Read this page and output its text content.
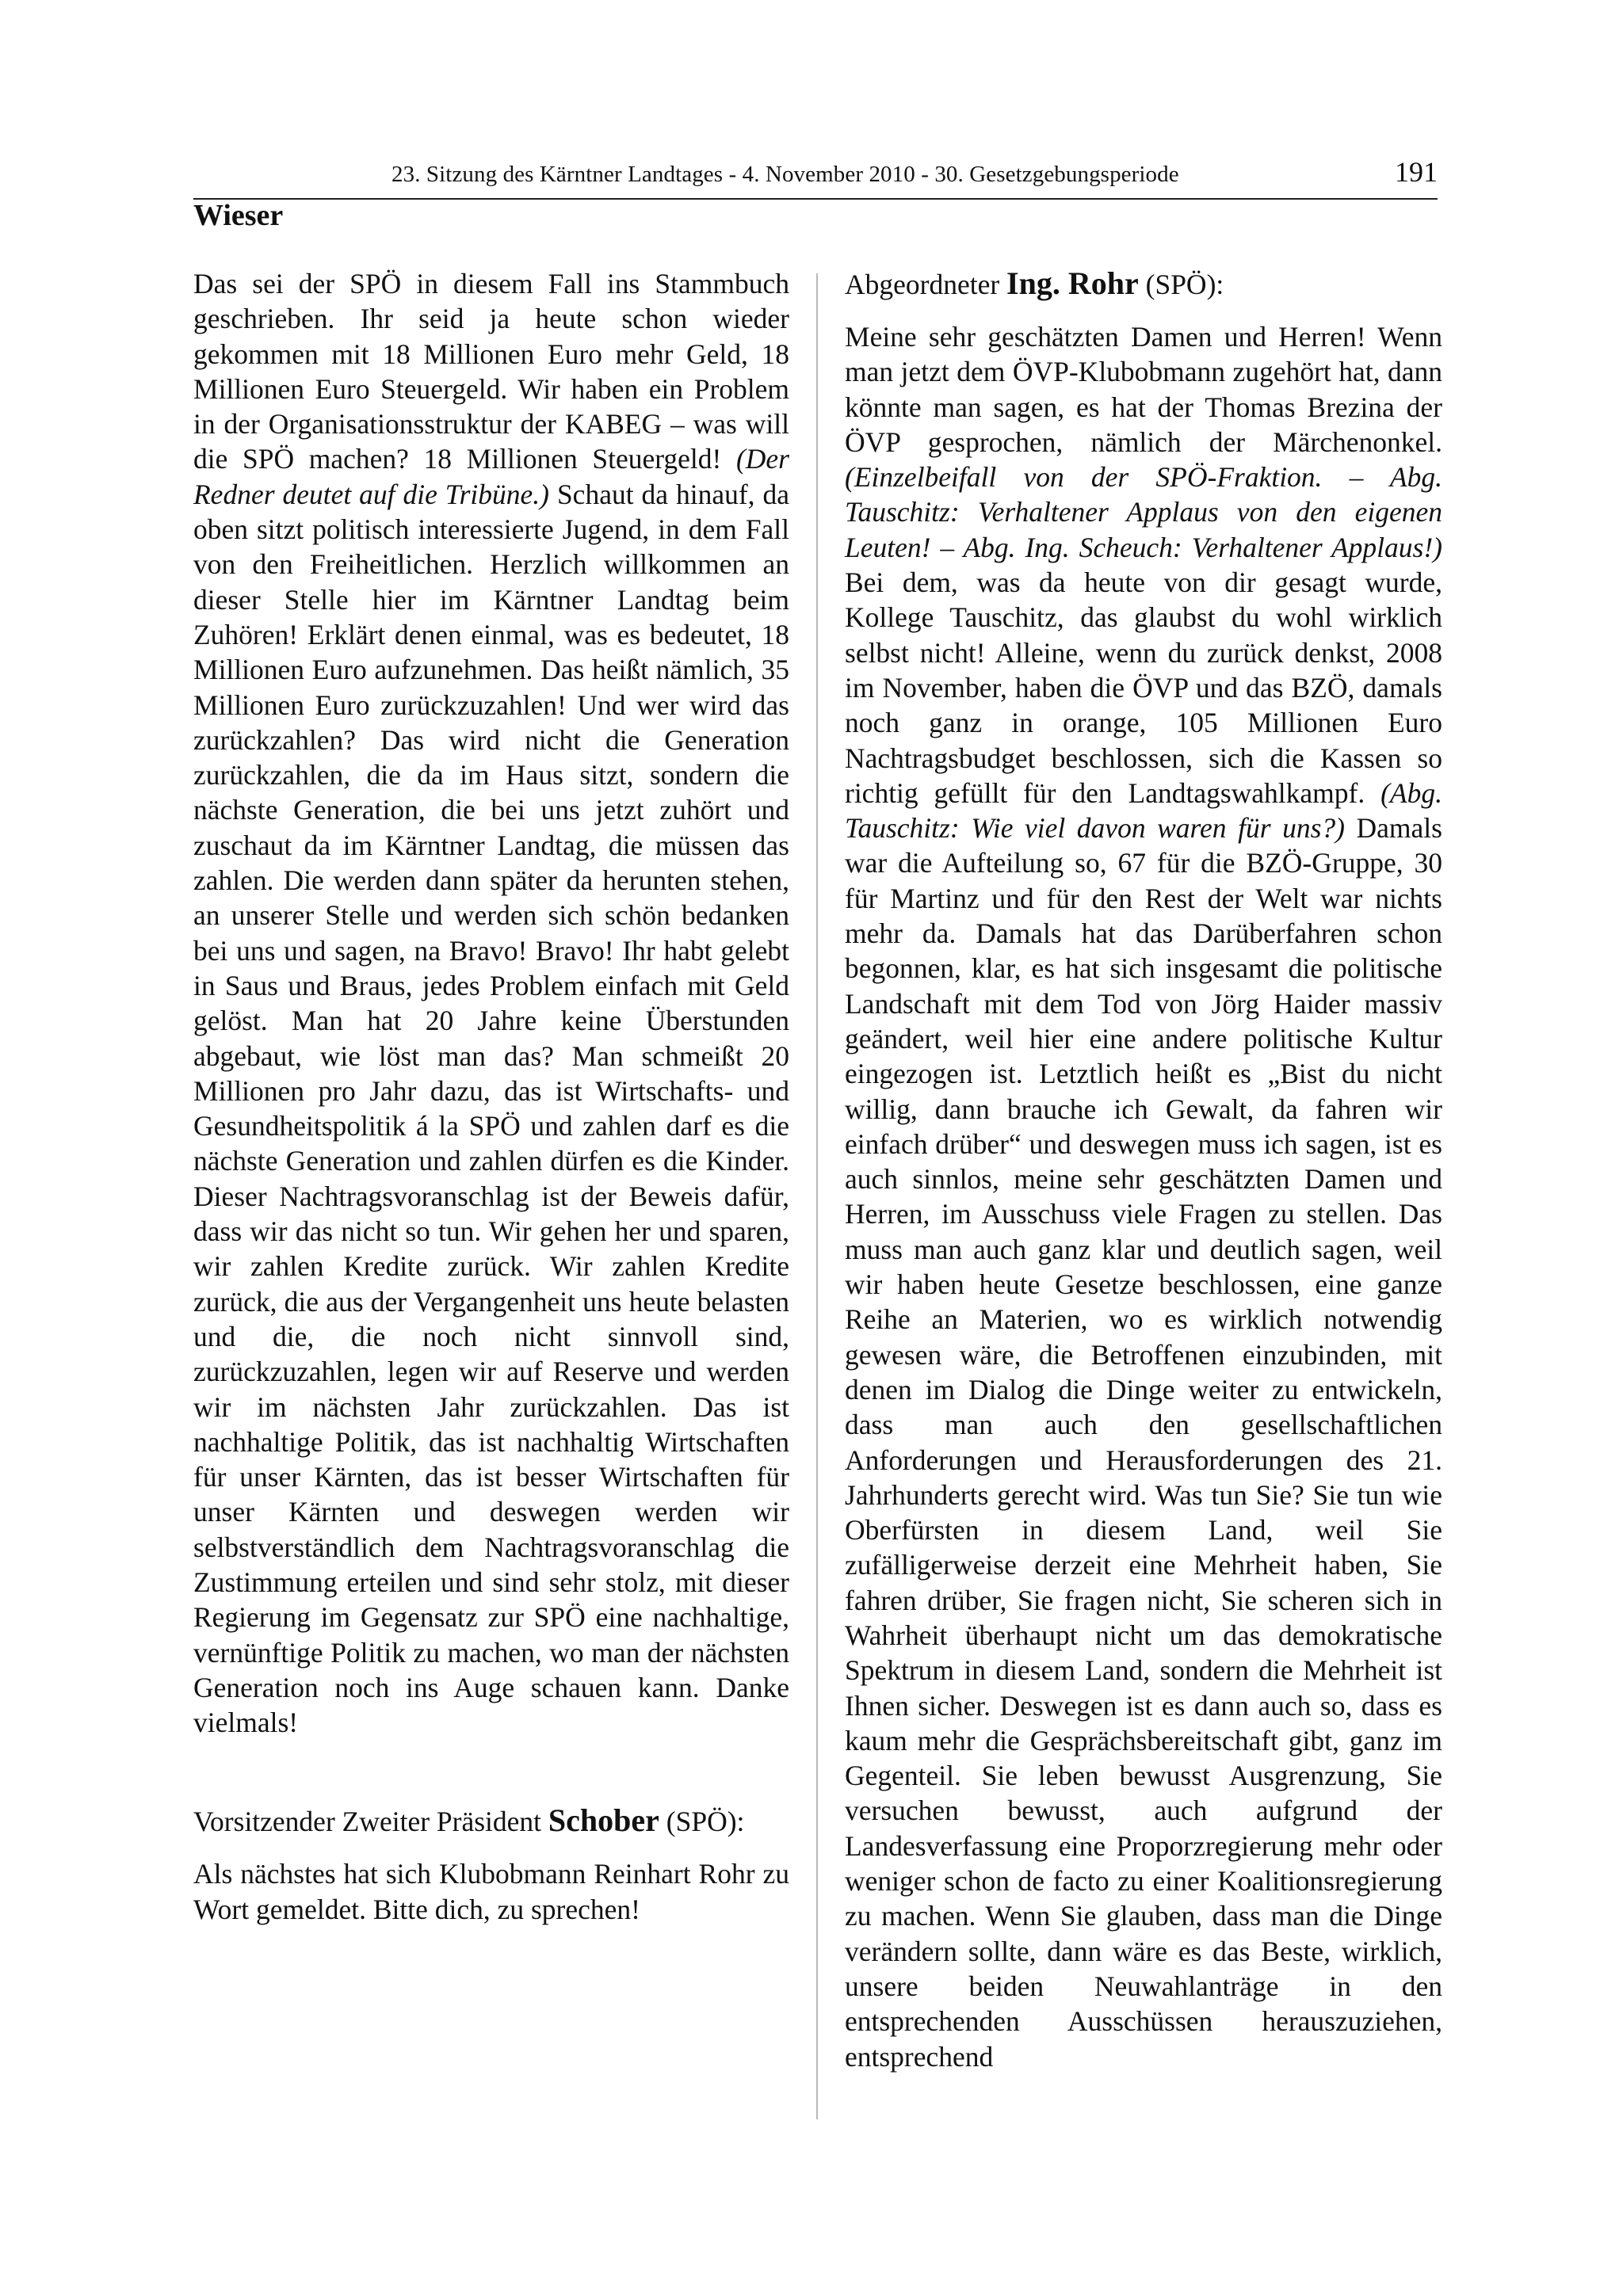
23. Sitzung des Kärntner Landtages - 4. November 2010 - 30. Gesetzgebungsperiode	191
Wieser

Das sei der SPÖ in diesem Fall ins Stammbuch geschrieben. Ihr seid ja heute schon wieder gekommen mit 18 Millionen Euro mehr Geld, 18 Millionen Euro Steuergeld. Wir haben ein Problem in der Organisationsstruktur der KABEG – was will die SPÖ machen? 18 Millionen Steuergeld! (Der Redner deutet auf die Tribüne.) Schaut da hinauf, da oben sitzt politisch interessierte Jugend, in dem Fall von den Freiheitlichen. Herzlich willkommen an dieser Stelle hier im Kärntner Landtag beim Zuhören! Erklärt denen einmal, was es bedeutet, 18 Millionen Euro aufzunehmen. Das heißt nämlich, 35 Millionen Euro zurückzuzahlen! Und wer wird das zurückzahlen? Das wird nicht die Generation zurückzahlen, die da im Haus sitzt, sondern die nächste Generation, die bei uns jetzt zuhört und zuschaut da im Kärntner Landtag, die müssen das zahlen. Die werden dann später da herunten stehen, an unserer Stelle und werden sich schön bedanken bei uns und sagen, na Bravo! Bravo! Ihr habt gelebt in Saus und Braus, jedes Problem einfach mit Geld gelöst. Man hat 20 Jahre keine Überstunden abgebaut, wie löst man das? Man schmeißt 20 Millionen pro Jahr dazu, das ist Wirtschafts- und Gesundheitspolitik á la SPÖ und zahlen darf es die nächste Generation und zahlen dürfen es die Kinder. Dieser Nachtragsvoranschlag ist der Beweis dafür, dass wir das nicht so tun. Wir gehen her und sparen, wir zahlen Kredite zurück. Wir zahlen Kredite zurück, die aus der Vergangenheit uns heute belasten und die, die noch nicht sinnvoll sind, zurückzuzahlen, legen wir auf Reserve und werden wir im nächsten Jahr zurückzahlen. Das ist nachhaltige Politik, das ist nachhaltig Wirtschaften für unser Kärnten, das ist besser Wirtschaften für unser Kärnten und deswegen werden wir selbstverständlich dem Nachtragsvoranschlag die Zustimmung erteilen und sind sehr stolz, mit dieser Regierung im Gegensatz zur SPÖ eine nachhaltige, vernünftige Politik zu machen, wo man der nächsten Generation noch ins Auge schauen kann. Danke vielmals!

Vorsitzender Zweiter Präsident Schober (SPÖ):

Als nächstes hat sich Klubobmann Reinhart Rohr zu Wort gemeldet. Bitte dich, zu sprechen!

Abgeordneter Ing. Rohr (SPÖ):

Meine sehr geschätzten Damen und Herren! Wenn man jetzt dem ÖVP-Klubobmann zugehört hat, dann könnte man sagen, es hat der Thomas Brezina der ÖVP gesprochen, nämlich der Märchenonkel. (Einzelbeifall von der SPÖ-Fraktion. – Abg. Tauschitz: Verhaltener Applaus von den eigenen Leuten! – Abg. Ing. Scheuch: Verhaltener Applaus!) Bei dem, was da heute von dir gesagt wurde, Kollege Tauschitz, das glaubst du wohl wirklich selbst nicht! Alleine, wenn du zurück denkst, 2008 im November, haben die ÖVP und das BZÖ, damals noch ganz in orange, 105 Millionen Euro Nachtragsbudget beschlossen, sich die Kassen so richtig gefüllt für den Landtagswahlkampf. (Abg. Tauschitz: Wie viel davon waren für uns?) Damals war die Aufteilung so, 67 für die BZÖ-Gruppe, 30 für Martinz und für den Rest der Welt war nichts mehr da. Damals hat das Darüberfahren schon begonnen, klar, es hat sich insgesamt die politische Landschaft mit dem Tod von Jörg Haider massiv geändert, weil hier eine andere politische Kultur eingezogen ist. Letztlich heißt es „Bist du nicht willig, dann brauche ich Gewalt, da fahren wir einfach drüber“ und deswegen muss ich sagen, ist es auch sinnlos, meine sehr geschätzten Damen und Herren, im Ausschuss viele Fragen zu stellen. Das muss man auch ganz klar und deutlich sagen, weil wir haben heute Gesetze beschlossen, eine ganze Reihe an Materien, wo es wirklich notwendig gewesen wäre, die Betroffenen einzubinden, mit denen im Dialog die Dinge weiter zu entwickeln, dass man auch den gesellschaftlichen Anforderungen und Herausforderungen des 21. Jahrhunderts gerecht wird. Was tun Sie? Sie tun wie Oberfürsten in diesem Land, weil Sie zufälligerweise derzeit eine Mehrheit haben, Sie fahren drüber, Sie fragen nicht, Sie scheren sich in Wahrheit überhaupt nicht um das demokratische Spektrum in diesem Land, sondern die Mehrheit ist Ihnen sicher. Deswegen ist es dann auch so, dass es kaum mehr die Gesprächsbereitschaft gibt, ganz im Gegenteil. Sie leben bewusst Ausgrenzung, Sie versuchen bewusst, auch aufgrund der Landesverfassung eine Proporzregierung mehr oder weniger schon de facto zu einer Koalitionsregierung zu machen. Wenn Sie glauben, dass man die Dinge verändern sollte, dann wäre es das Beste, wirklich, unsere beiden Neuwahlanträge in den entsprechenden Ausschüssen herauszuziehen, entsprechend
